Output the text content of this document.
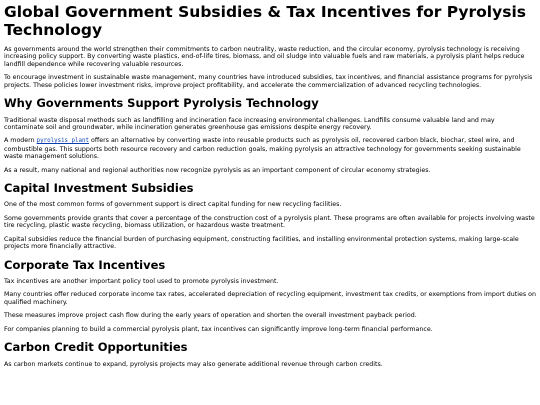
Global Government Subsidies & Tax Incentives for Pyrolysis Technology

As governments around the world strengthen their commitments to carbon neutrality, waste reduction, and the circular economy, pyrolysis technology is receiving increasing policy support. By converting waste plastics, end-of-life tires, biomass, and oil sludge into valuable fuels and raw materials, a pyrolysis plant helps reduce landfill dependence while recovering valuable resources.

To encourage investment in sustainable waste management, many countries have introduced subsidies, tax incentives, and financial assistance programs for pyrolysis projects. These policies lower investment risks, improve project profitability, and accelerate the commercialization of advanced recycling technologies.

Why Governments Support Pyrolysis Technology

Traditional waste disposal methods such as landfilling and incineration face increasing environmental challenges. Landfills consume valuable land and may contaminate soil and groundwater, while incineration generates greenhouse gas emissions despite energy recovery.

A modern pyrolysis plant offers an alternative by converting waste into reusable products such as pyrolysis oil, recovered carbon black, biochar, steel wire, and combustible gas. This supports both resource recovery and carbon reduction goals, making pyrolysis an attractive technology for governments seeking sustainable waste management solutions.

As a result, many national and regional authorities now recognize pyrolysis as an important component of circular economy strategies.

Capital Investment Subsidies

One of the most common forms of government support is direct capital funding for new recycling facilities.

Some governments provide grants that cover a percentage of the construction cost of a pyrolysis plant. These programs are often available for projects involving waste tire recycling, plastic waste recycling, biomass utilization, or hazardous waste treatment.

Capital subsidies reduce the financial burden of purchasing equipment, constructing facilities, and installing environmental protection systems, making large-scale projects more financially attractive.

Corporate Tax Incentives

Tax incentives are another important policy tool used to promote pyrolysis investment.

Many countries offer reduced corporate income tax rates, accelerated depreciation of recycling equipment, investment tax credits, or exemptions from import duties on qualified machinery.

These measures improve project cash flow during the early years of operation and shorten the overall investment payback period.

For companies planning to build a commercial pyrolysis plant, tax incentives can significantly improve long-term financial performance.

Carbon Credit Opportunities

As carbon markets continue to expand, pyrolysis projects may also generate additional revenue through carbon credits.
